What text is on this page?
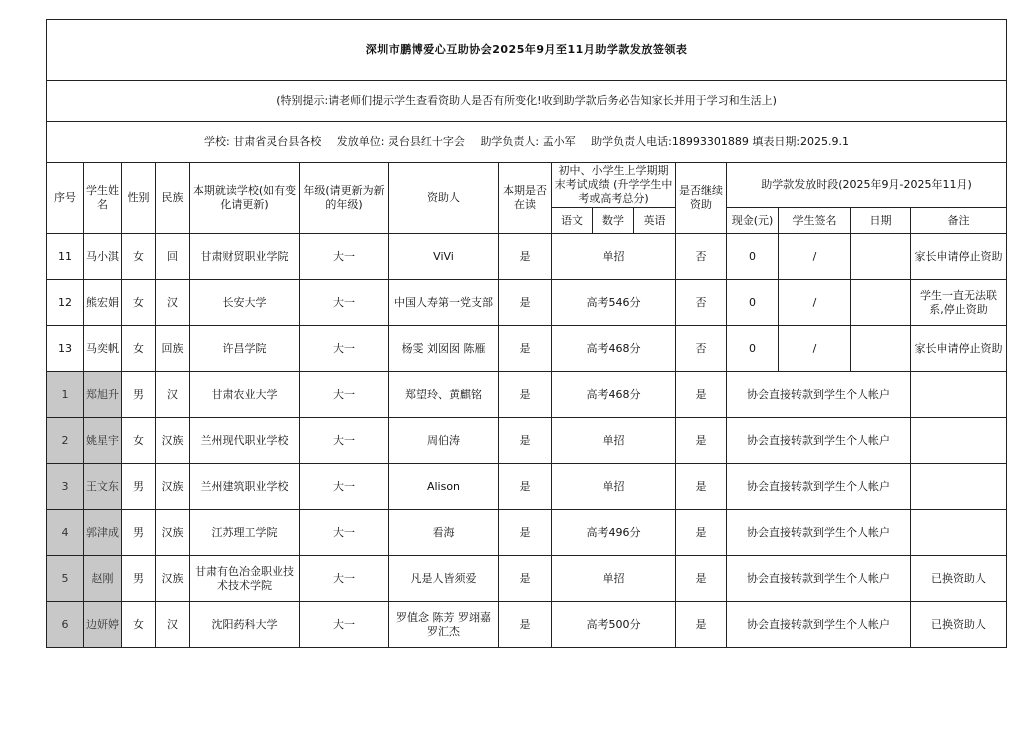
深圳市鹏博爱心互助协会2025年9月至11月助学款发放签领表															
(特别提示:请老师们提示学生查看资助人是否有所变化!收到助学款后务必告知家长并用于学习和生活上)															
学校: 甘肃省灵台县各校 发放单位: 灵台县红十字会 助学负责人: 孟小军 助学负责人电话:18993301889 填表日期:2025.9.1															
序号	学生姓名	性别	民族	本期就读学校(如有变化请更新)	年级(请更新为新的年级)	资助人	本期是否在读	初中、小学生上学期期末考试成绩 (升学学生中考或高考总分)			是否继续资助	助学款发放时段(2025年9月-2025年11月)			
								语文	数学	英语		现金(元)	学生签名	日期	备注
11	马小淇	女	回	甘肃财贸职业学院	大一	ViVi	是	单招			否	0	/		家长申请停止资助
12	熊宏娟	女	汉	长安大学	大一	中国人寿第一党支部	是	高考546分			否	0	/		学生一直无法联系,停止资助
13	马奕帆	女	回族	许昌学院	大一	杨雯 刘囡囡 陈雁	是	高考468分			否	0	/		家长申请停止资助
1	郑旭升	男	汉	甘肃农业大学	大一	郑望玲、黄麒铭	是	高考468分			是	协会直接转款到学生个人帐户			
2	姚星宇	女	汉族	兰州现代职业学校	大一	周伯涛	是	单招			是	协会直接转款到学生个人帐户			
3	王文东	男	汉族	兰州建筑职业学校	大一	Alison	是	单招			是	协会直接转款到学生个人帐户			
4	郭津成	男	汉族	江苏理工学院	大一	看海	是	高考496分			是	协会直接转款到学生个人帐户			
5	赵刚	男	汉族	甘肃有色冶金职业技术技术学院	大一	凡是人皆须爱	是	单招			是	协会直接转款到学生个人帐户			已换资助人
6	边妍婷	女	汉	沈阳药科大学	大一	罗值念 陈芳 罗翊嘉 罗汇杰	是	高考500分			是	协会直接转款到学生个人帐户			已换资助人
